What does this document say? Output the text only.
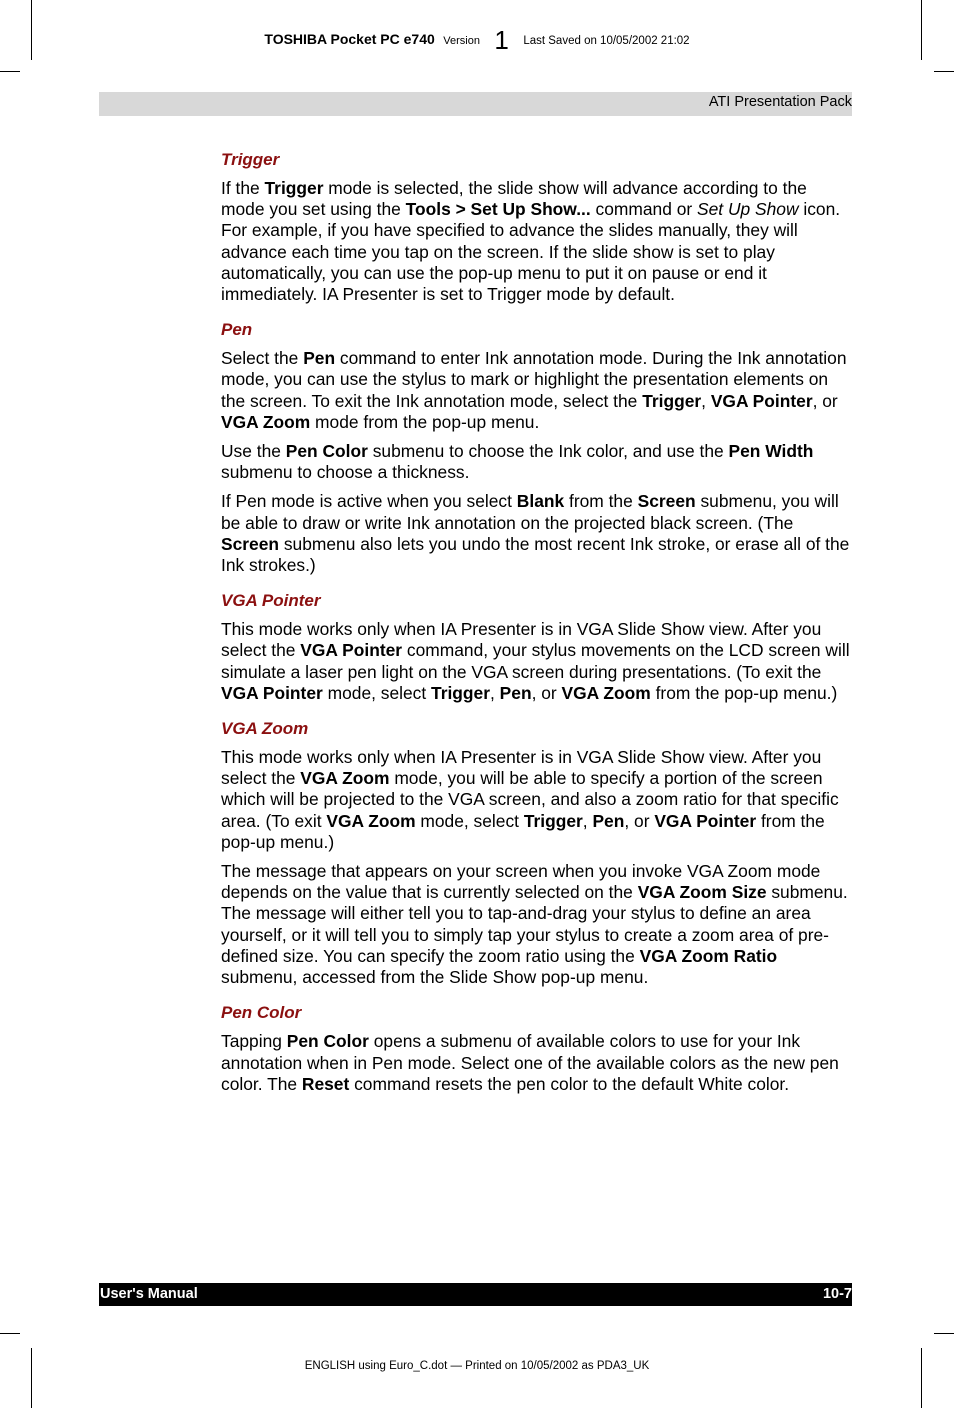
TOSHIBA Pocket PC e740 Version 1 Last Saved on 10/05/2002 21:02
ATI Presentation Pack
Trigger

If the Trigger mode is selected, the slide show will advance according to the mode you set using the Tools > Set Up Show... command or Set Up Show icon. For example, if you have specified to advance the slides manually, they will advance each time you tap on the screen. If the slide show is set to play automatically, you can use the pop-up menu to put it on pause or end it immediately. IA Presenter is set to Trigger mode by default.

Pen

Select the Pen command to enter Ink annotation mode. During the Ink annotation mode, you can use the stylus to mark or highlight the presentation elements on the screen. To exit the Ink annotation mode, select the Trigger, VGA Pointer, or VGA Zoom mode from the pop-up menu.

Use the Pen Color submenu to choose the Ink color, and use the Pen Width submenu to choose a thickness.

If Pen mode is active when you select Blank from the Screen submenu, you will be able to draw or write Ink annotation on the projected black screen. (The Screen submenu also lets you undo the most recent Ink stroke, or erase all of the Ink strokes.)

VGA Pointer

This mode works only when IA Presenter is in VGA Slide Show view. After you select the VGA Pointer command, your stylus movements on the LCD screen will simulate a laser pen light on the VGA screen during presentations. (To exit the VGA Pointer mode, select Trigger, Pen, or VGA Zoom from the pop-up menu.)

VGA Zoom

This mode works only when IA Presenter is in VGA Slide Show view. After you select the VGA Zoom mode, you will be able to specify a portion of the screen which will be projected to the VGA screen, and also a zoom ratio for that specific area. (To exit VGA Zoom mode, select Trigger, Pen, or VGA Pointer from the pop-up menu.)

The message that appears on your screen when you invoke VGA Zoom mode depends on the value that is currently selected on the VGA Zoom Size submenu. The message will either tell you to tap-and-drag your stylus to define an area yourself, or it will tell you to simply tap your stylus to create a zoom area of pre-defined size. You can specify the zoom ratio using the VGA Zoom Ratio submenu, accessed from the Slide Show pop-up menu.

Pen Color

Tapping Pen Color opens a submenu of available colors to use for your Ink annotation when in Pen mode. Select one of the available colors as the new pen color. The Reset command resets the pen color to the default White color.

User's Manual	10-7
ENGLISH using Euro_C.dot — Printed on 10/05/2002 as PDA3_UK
